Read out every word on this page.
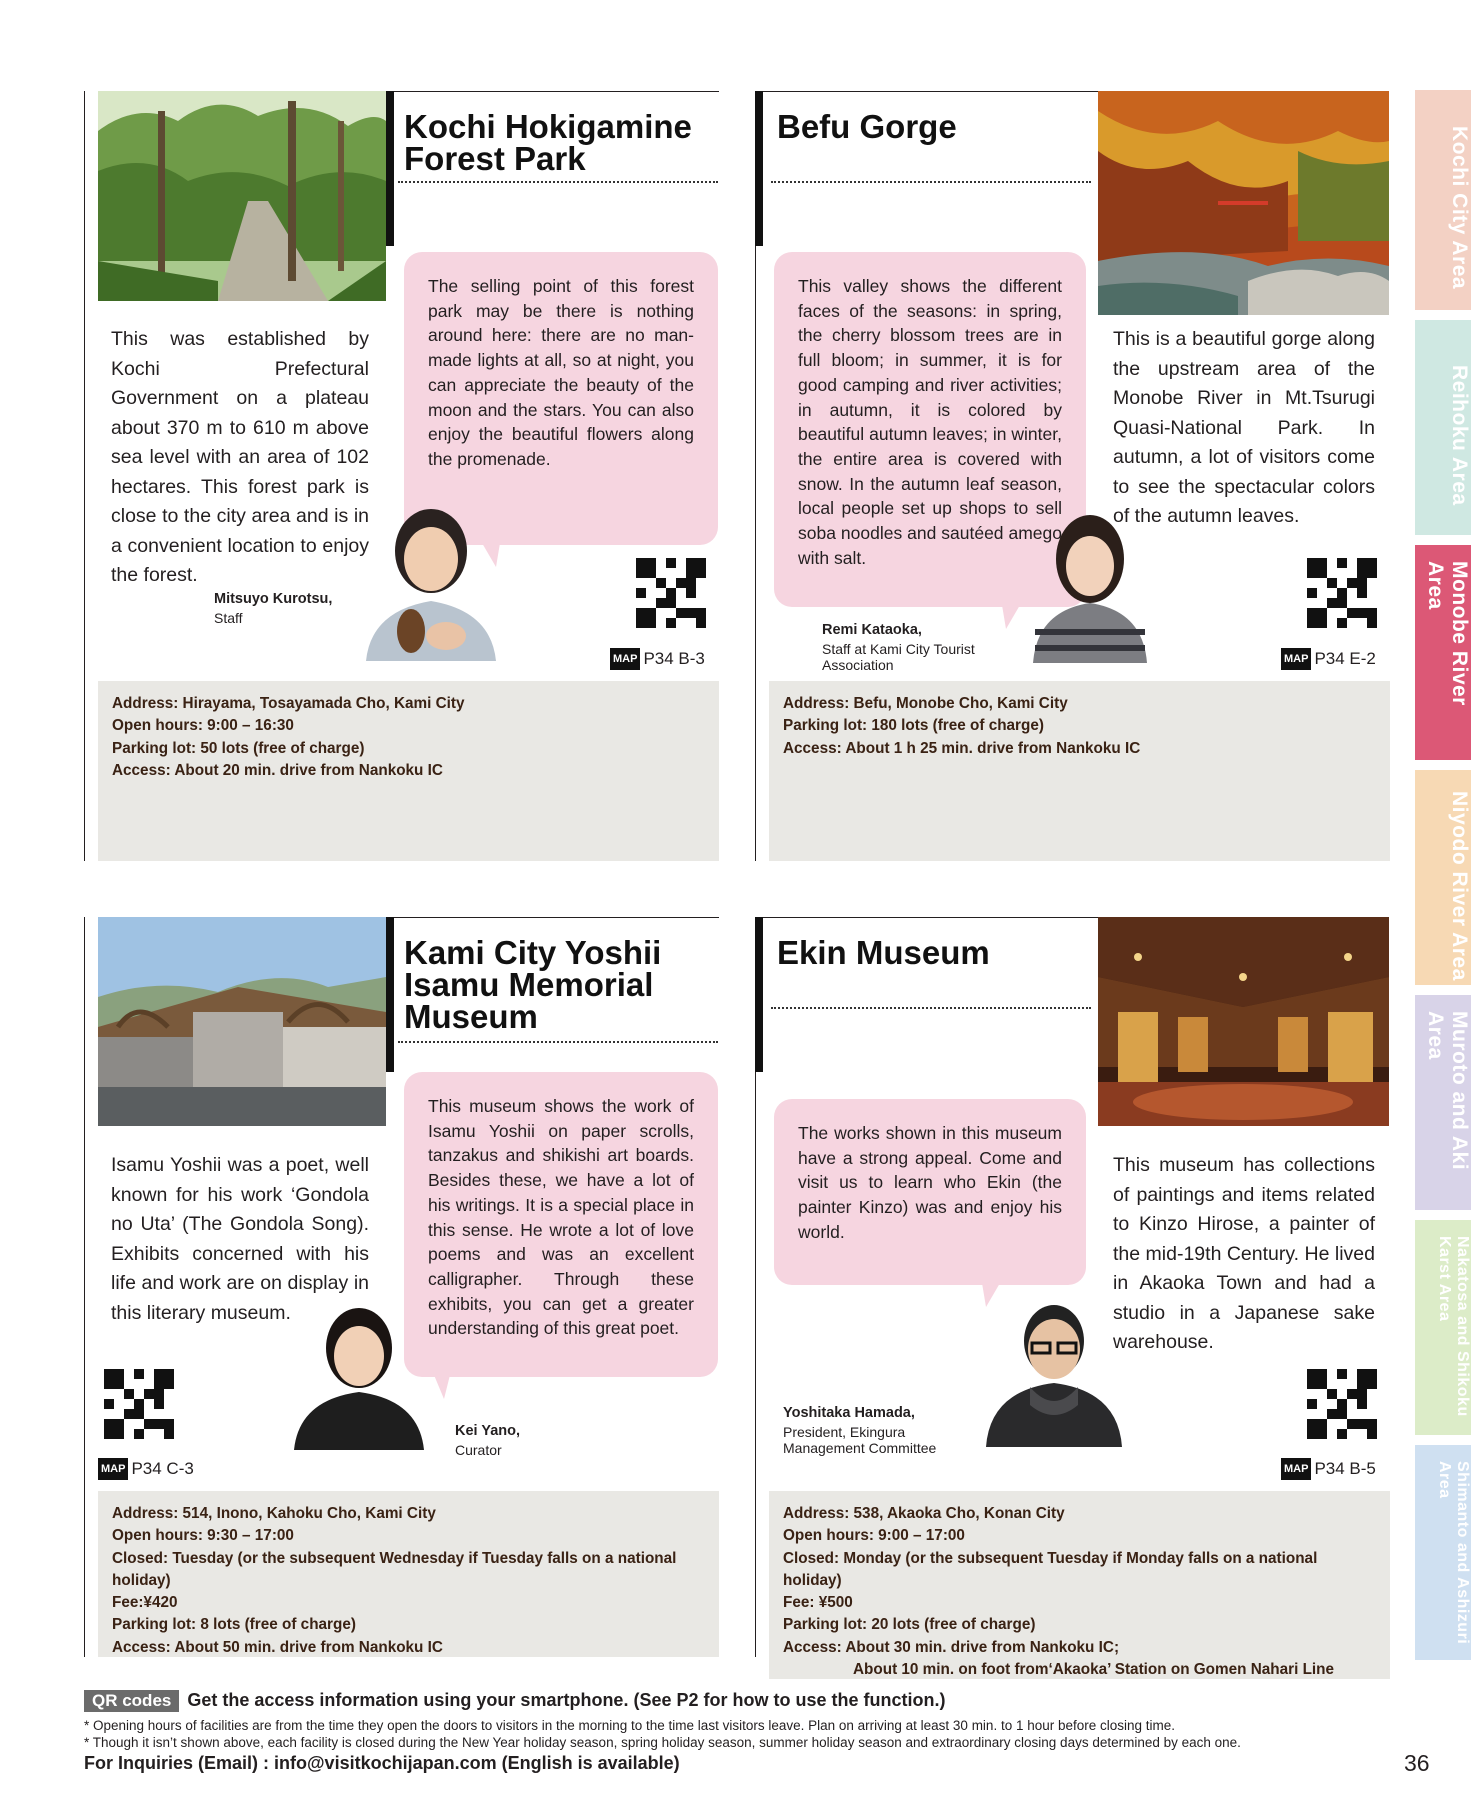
Kochi Hokigamine Forest Park
This was established by Kochi Prefectural Government on a plateau about 370 m to 610 m above sea level with an area of 102 hectares. This forest park is close to the city area and is in a convenient location to enjoy the forest.
The selling point of this forest park may be there is nothing around here: there are no man-made lights at all, so at night, you can appreciate the beauty of the moon and the stars. You can also enjoy the beautiful flowers along the promenade.
Mitsuyo Kurotsu,
Staff
MAP P34 B-3
Address: Hirayama, Tosayamada Cho, Kami City
Open hours: 9:00 – 16:30
Parking lot: 50 lots (free of charge)
Access: About 20 min. drive from Nankoku IC
Befu Gorge
This valley shows the different faces of the seasons: in spring, the cherry blossom trees are in full bloom; in summer, it is for good camping and river activities; in autumn, it is colored by beautiful autumn leaves; in winter, the entire area is covered with snow. In the autumn leaf season, local people set up shops to sell soba noodles and sautéed amego with salt.
This is a beautiful gorge along the upstream area of the Monobe River in Mt.Tsurugi Quasi-National Park. In autumn, a lot of visitors come to see the spectacular colors of the autumn leaves.
Remi Kataoka,
Staff at Kami City Tourist Association	MAP P34 E-2
Address: Befu, Monobe Cho, Kami City
Parking lot: 180 lots (free of charge)
Access: About 1 h 25 min. drive from Nankoku IC
Kami City Yoshii Isamu Memorial Museum
Isamu Yoshii was a poet, well known for his work ‘Gondola no Uta’ (The Gondola Song). Exhibits concerned with his life and work are on display in this literary museum.
This museum shows the work of Isamu Yoshii on paper scrolls, tanzakus and shikishi art boards. Besides these, we have a lot of his writings. It is a special place in this sense. He wrote a lot of love poems and was an excellent calligrapher. Through these exhibits, you can get a greater understanding of this great poet.
Kei Yano,
Curator
MAP P34 C-3
Address: 514, Inono, Kahoku Cho, Kami City
Open hours: 9:30 – 17:00
Closed: Tuesday (or the subsequent Wednesday if Tuesday falls on a national holiday)
Fee:¥420
Parking lot: 8 lots (free of charge)
Access: About 50 min. drive from Nankoku IC
Ekin Museum
The works shown in this museum have a strong appeal. Come and visit us to learn who Ekin (the painter Kinzo) was and enjoy his world.
This museum has collections of paintings and items related to Kinzo Hirose, a painter of the mid-19th Century. He lived in Akaoka Town and had a studio in a Japanese sake warehouse.
Yoshitaka Hamada,
President, Ekingura Management Committee
MAP P34 B-5
Address: 538, Akaoka Cho, Konan City
Open hours: 9:00 – 17:00
Closed: Monday (or the subsequent Tuesday if Monday falls on a national holiday)
Fee: ¥500
Parking lot: 20 lots (free of charge)
Access: About 30 min. drive from Nankoku IC;
About 10 min. on foot from‘Akaoka’ Station on Gomen Nahari Line
Kochi City Area
Reihoku Area
Monobe River Area
Niyodo River Area
Muroto and Aki Area
Nakatosa and Shikoku Karst Area
Shimanto and Ashizuri Area
QR codes Get the access information using your smartphone. (See P2 for how to use the function.)
* Opening hours of facilities are from the time they open the doors to visitors in the morning to the time last visitors leave. Plan on arriving at least 30 min. to 1 hour before closing time.
* Though it isn’t shown above, each facility is closed during the New Year holiday season, spring holiday season, summer holiday season and extraordinary closing days determined by each one.
For Inquiries (Email) : info@visitkochijapan.com (English is available)	36
